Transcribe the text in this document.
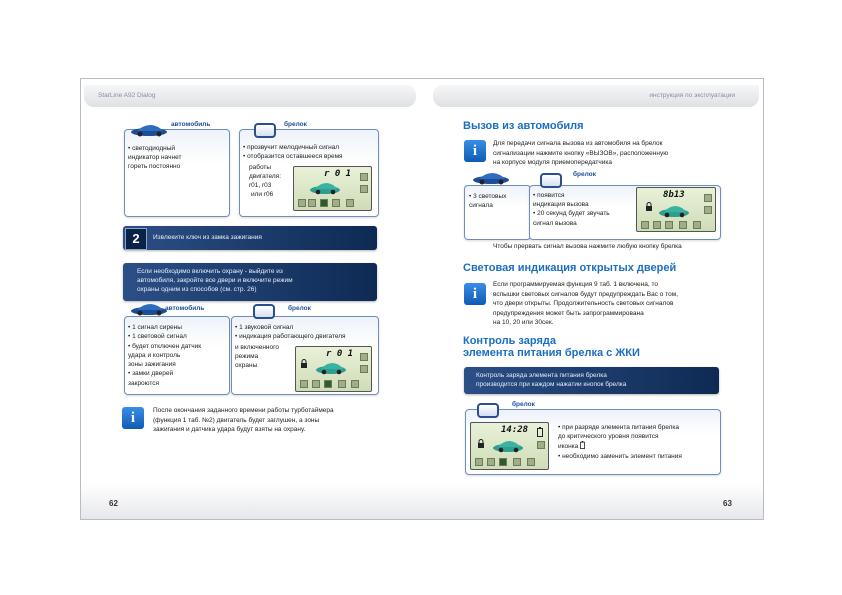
StarLine A92 Dialog	инструкция по эксплуатации
автомобиль

• светодиодный

индикатор начнет

гореть постоянно

брелок

• прозвучит мелодичный сигнал

• отобразится оставшееся время

работы

двигателя:

r01, r03

или r06

r 0 1
2	Извлеките ключ из замка зажигания

Если необходимо включить охрану - выйдите из

автомобиля, закройте все двери и включите режим

охраны одним из способов (см. стр. 26)

автомобиль

• 1 сигнал сирены

• 1 световой сигнал

• будет отключен датчик

удара и контроль

зоны зажигания

• замки дверей

закроются

брелок

• 1 звуковой сигнал

• индикация работающего двигателя

и включенного

режима

охраны

r 0 1
i	После окончания заданного времени работы турботаймера

(функция 1 таб. №2) двигатель будет заглушен, а зоны

зажигания и датчика удара будут взяты на охрану.

Вызов из автомобиля
i	Для передачи сигнала вызова из автомобиля на брелок

сигнализации нажмите кнопку «ВЫЗОВ», расположенную

на корпусе модуля приемопередатчика

• 3 световых

сигнала

брелок

• появится

индикация вызова

• 20 секунд будет звучать

сигнал вызова

8b13
Чтобы прервать сигнал вызова нажмите любую кнопку брелка
Световая индикация открытых дверей
i

Если программируемая функция 9 таб. 1 включена, то

вспышки световых сигналов будут предупреждать Вас о том,

что двери открыты. Продолжительность световых сигналов

предупреждения может быть запрограммирована

на 10, 20 или 30сек.

Контроль заряда
элемента питания брелка с ЖКИ

Контроль заряда элемента питания брелка

производится при каждом нажатии кнопок брелка

брелок
14:28	• при разряде элемента питания брелка

до критического уровня появится

иконка

• необходимо заменить элемент питания

62	63
